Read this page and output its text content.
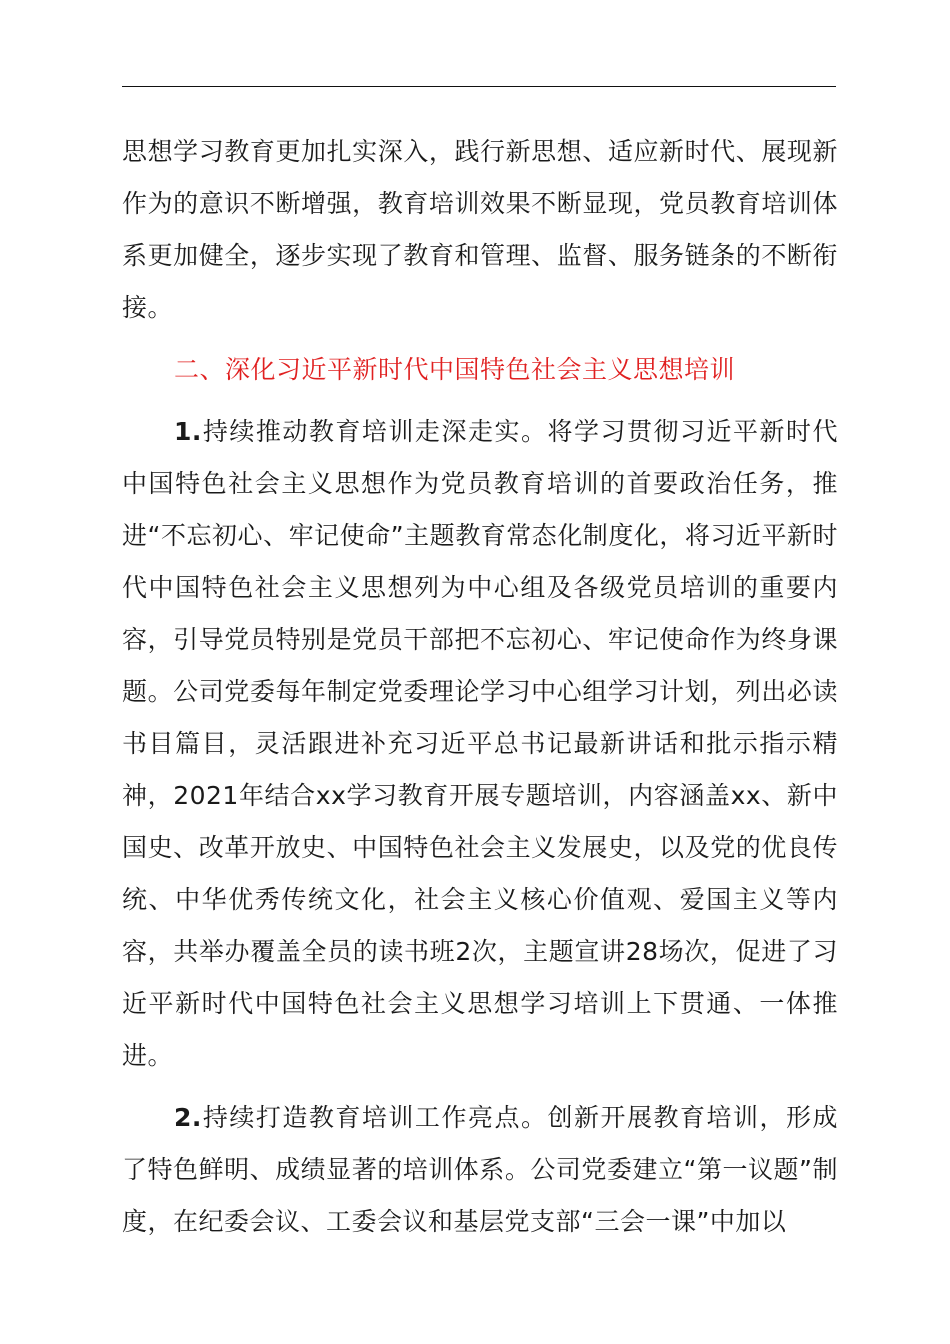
思想学习教育更加扎实深入，践行新思想、适应新时代、展现新作为的意识不断增强，教育培训效果不断显现，党员教育培训体系更加健全，逐步实现了教育和管理、监督、服务链条的不断衔接。

二、深化习近平新时代中国特色社会主义思想培训

1.持续推动教育培训走深走实。将学习贯彻习近平新时代中国特色社会主义思想作为党员教育培训的首要政治任务，推进“不忘初心、牢记使命”主题教育常态化制度化，将习近平新时代中国特色社会主义思想列为中心组及各级党员培训的重要内容，引导党员特别是党员干部把不忘初心、牢记使命作为终身课题。公司党委每年制定党委理论学习中心组学习计划，列出必读书目篇目，灵活跟进补充习近平总书记最新讲话和批示指示精神，2021年结合xx学习教育开展专题培训，内容涵盖xx、新中国史、改革开放史、中国特色社会主义发展史，以及党的优良传统、中华优秀传统文化，社会主义核心价值观、爱国主义等内容，共举办覆盖全员的读书班2次，主题宣讲28场次，促进了习近平新时代中国特色社会主义思想学习培训上下贯通、一体推进。

2.持续打造教育培训工作亮点。创新开展教育培训，形成了特色鲜明、成绩显著的培训体系。公司党委建立“第一议题”制度，在纪委会议、工委会议和基层党支部“三会一课”中加以
